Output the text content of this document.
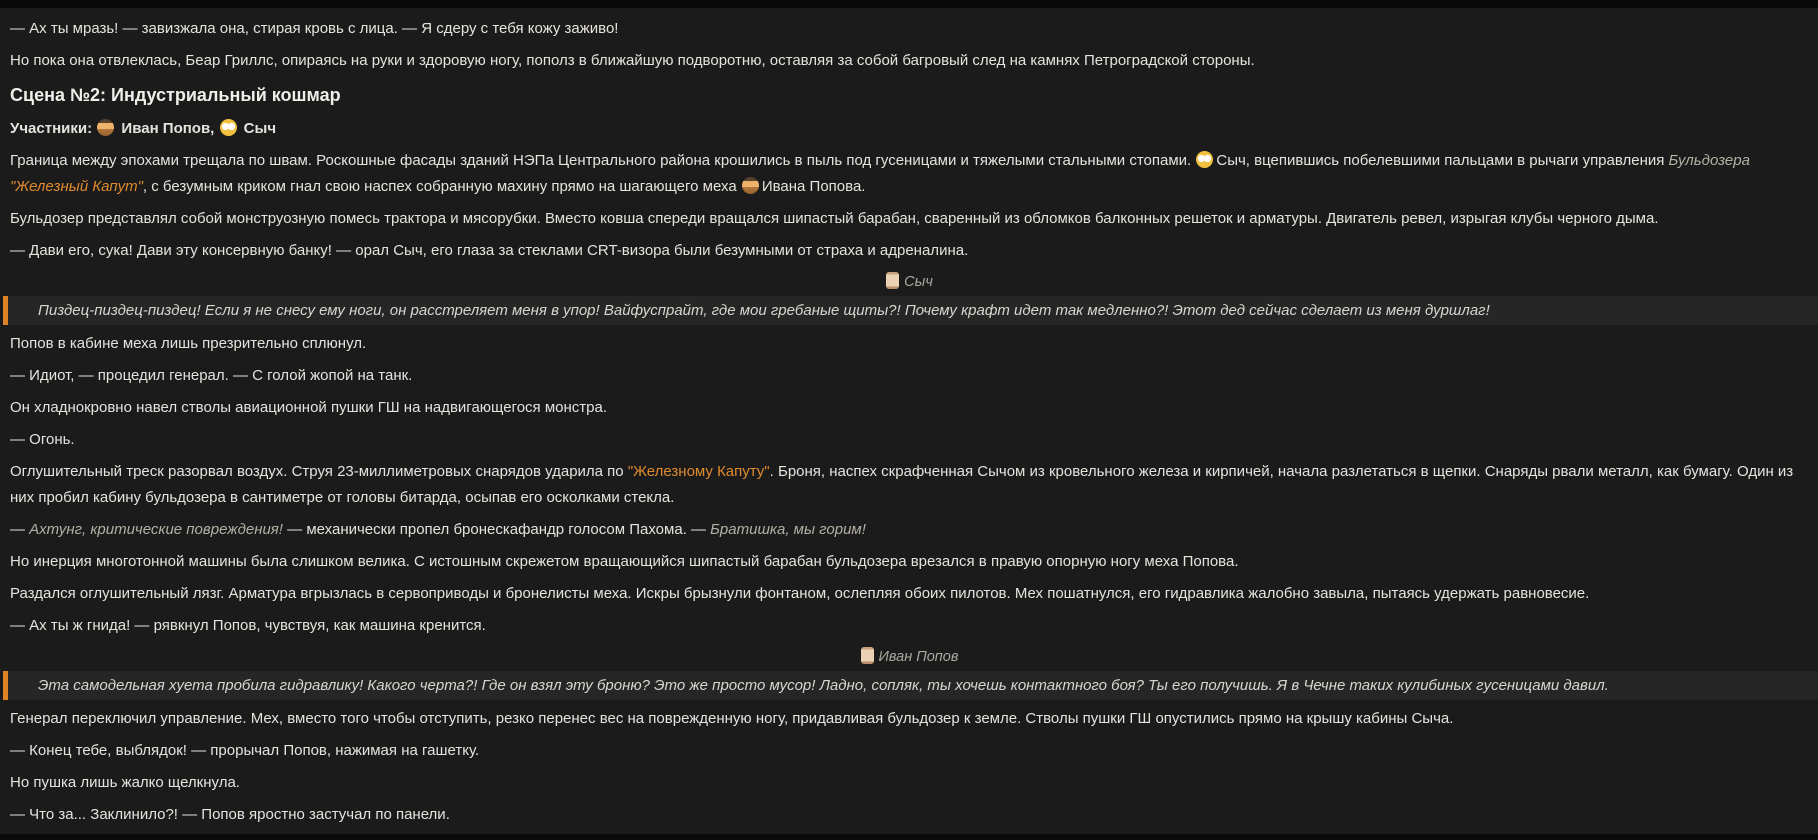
— Ах ты мразь! — завизжала она, стирая кровь с лица. — Я сдеру с тебя кожу заживо!

Но пока она отвлеклась, Беар Гриллс, опираясь на руки и здоровую ногу, пополз в ближайшую подворотню, оставляя за собой багровый след на камнях Петроградской стороны.

Сцена №2: Индустриальный кошмар

Участники:  Иван Попов,  Сыч

Граница между эпохами трещала по швам. Роскошные фасады зданий НЭПа Центрального района крошились в пыль под гусеницами и тяжелыми стальными стопами. Сыч, вцепившись побелевшими пальцами в рычаги управления Бульдозера "Железный Капут", с безумным криком гнал свою наспех собранную махину прямо на шагающего меха Ивана Попова.

Бульдозер представлял собой монструозную помесь трактора и мясорубки. Вместо ковша спереди вращался шипастый барабан, сваренный из обломков балконных решеток и арматуры. Двигатель ревел, изрыгая клубы черного дыма.

— Дави его, сука! Дави эту консервную банку! — орал Сыч, его глаза за стеклами CRT-визора были безумными от страха и адреналина.

Сыч
Пиздец-пиздец-пиздец! Если я не снесу ему ноги, он расстреляет меня в упор! Вайфуспрайт, где мои гребаные щиты?! Почему крафт идет так медленно?! Этот дед сейчас сделает из меня дуршлаг!

Попов в кабине меха лишь презрительно сплюнул.

— Идиот, — процедил генерал. — С голой жопой на танк.

Он хладнокровно навел стволы авиационной пушки ГШ на надвигающегося монстра.

— Огонь.

Оглушительный треск разорвал воздух. Струя 23-миллиметровых снарядов ударила по "Железному Капуту". Броня, наспех скрафченная Сычом из кровельного железа и кирпичей, начала разлетаться в щепки. Снаряды рвали металл, как бумагу. Один из них пробил кабину бульдозера в сантиметре от головы битарда, осыпав его осколками стекла.

— Ахтунг, критические повреждения! — механически пропел бронескафандр голосом Пахома. — Братишка, мы горим!

Но инерция многотонной машины была слишком велика. С истошным скрежетом вращающийся шипастый барабан бульдозера врезался в правую опорную ногу меха Попова.

Раздался оглушительный лязг. Арматура вгрызлась в сервоприводы и бронелисты меха. Искры брызнули фонтаном, ослепляя обоих пилотов. Мех пошатнулся, его гидравлика жалобно завыла, пытаясь удержать равновесие.

— Ах ты ж гнида! — рявкнул Попов, чувствуя, как машина кренится.

Иван Попов
Эта самодельная хуета пробила гидравлику! Какого черта?! Где он взял эту броню? Это же просто мусор! Ладно, сопляк, ты хочешь контактного боя? Ты его получишь. Я в Чечне таких кулибиных гусеницами давил.

Генерал переключил управление. Мех, вместо того чтобы отступить, резко перенес вес на поврежденную ногу, придавливая бульдозер к земле. Стволы пушки ГШ опустились прямо на крышу кабины Сыча.

— Конец тебе, выблядок! — прорычал Попов, нажимая на гашетку.

Но пушка лишь жалко щелкнула.

— Что за... Заклинило?! — Попов яростно застучал по панели.
